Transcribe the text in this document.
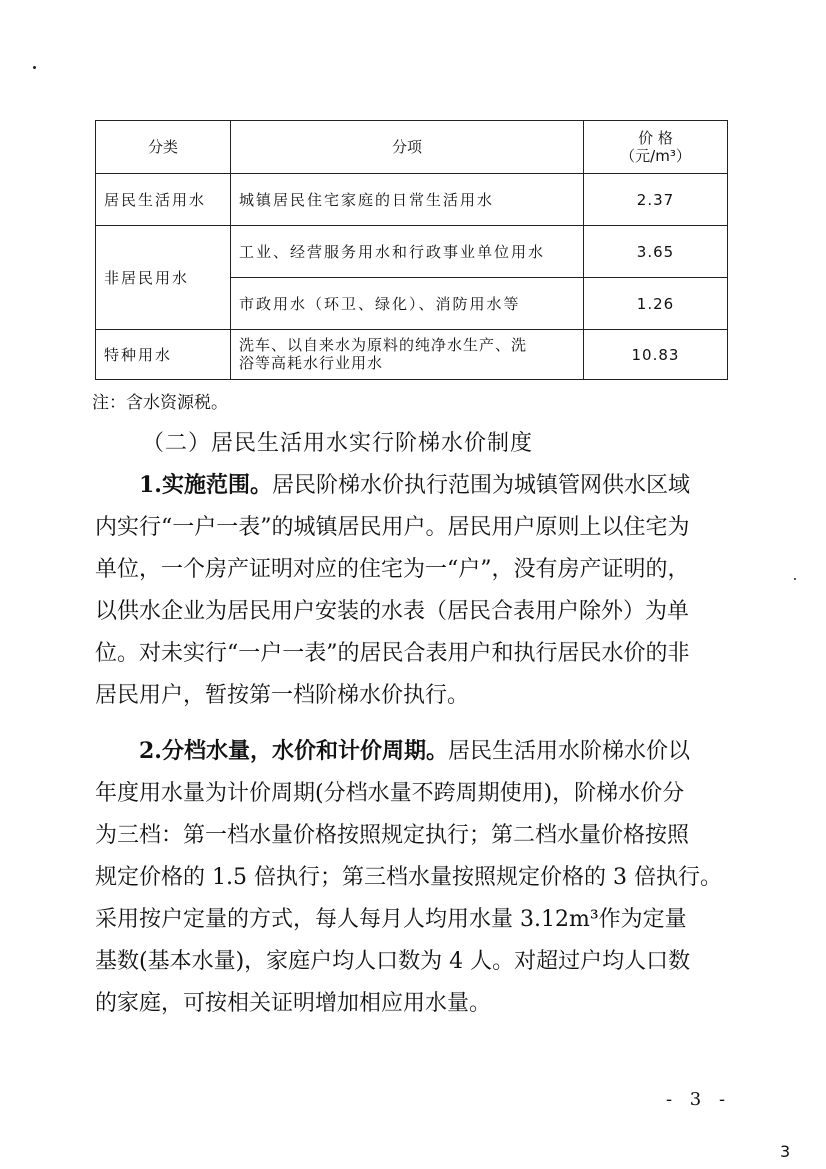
分类	分项	价 格
（元/m³）
居民生活用水	城镇居民住宅家庭的日常生活用水	2.37
非居民用水	工业、经营服务用水和行政事业单位用水	3.65
	市政用水（环卫、绿化）、消防用水等	1.26
特种用水	洗车、以自来水为原料的纯净水生产、洗
浴等高耗水行业用水	10.83
注：含水资源税。
（二）居民生活用水实行阶梯水价制度
1.实施范围。居民阶梯水价执行范围为城镇管网供水区域
内实行“一户一表”的城镇居民用户。居民用户原则上以住宅为
单位，一个房产证明对应的住宅为一“户”，没有房产证明的，
以供水企业为居民用户安装的水表（居民合表用户除外）为单
位。对未实行“一户一表”的居民合表用户和执行居民水价的非
居民用户，暂按第一档阶梯水价执行。
2.分档水量，水价和计价周期。居民生活用水阶梯水价以
年度用水量为计价周期(分档水量不跨周期使用)，阶梯水价分
为三档：第一档水量价格按照规定执行；第二档水量价格按照
规定价格的 1.5 倍执行；第三档水量按照规定价格的 3 倍执行。
采用按户定量的方式，每人每月人均用水量 3.12m³作为定量
基数(基本水量)，家庭户均人口数为 4 人。对超过户均人口数
的家庭，可按相关证明增加相应用水量。
- 3 -
3
